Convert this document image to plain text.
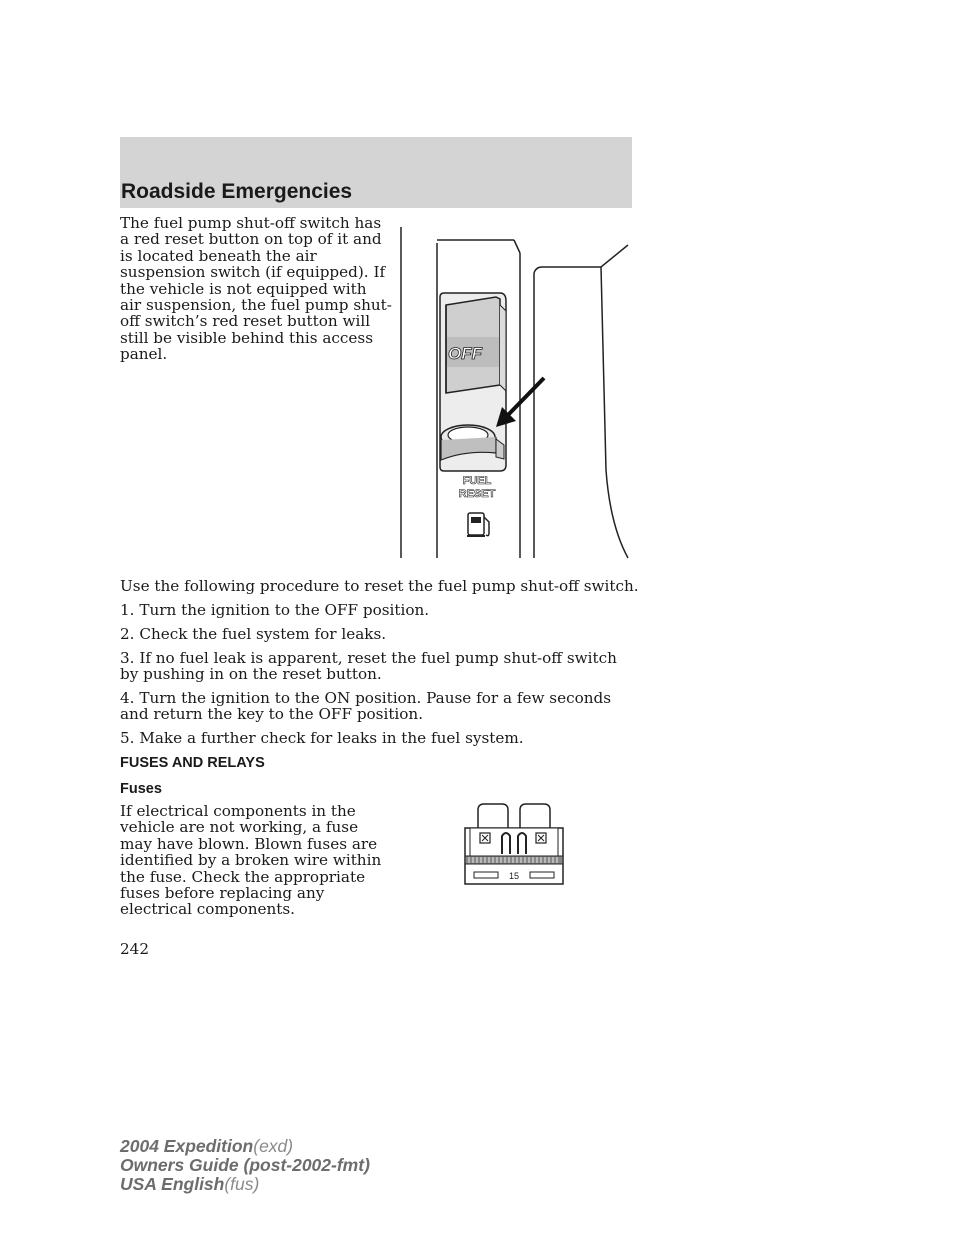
Roadside Emergencies
The fuel pump shut-off switch has a red reset button on top of it and is located beneath the air suspension switch (if equipped). If the vehicle is not equipped with air suspension, the fuel pump shut-off switch’s red reset button will still be visible behind this access panel.	OFF
FUEL
RESET
Use the following procedure to reset the fuel pump shut-off switch.
1. Turn the ignition to the OFF position.
2. Check the fuel system for leaks.
3. If no fuel leak is apparent, reset the fuel pump shut-off switch by pushing in on the reset button.
4. Turn the ignition to the ON position. Pause for a few seconds and return the key to the OFF position.
5. Make a further check for leaks in the fuel system.
FUSES AND RELAYS
Fuses
If electrical components in the vehicle are not working, a fuse may have blown. Blown fuses are identified by a broken wire within the fuse. Check the appropriate fuses before replacing any electrical components.
15
242
2004 Expedition(exd)
Owners Guide (post-2002-fmt)
USA English(fus)
